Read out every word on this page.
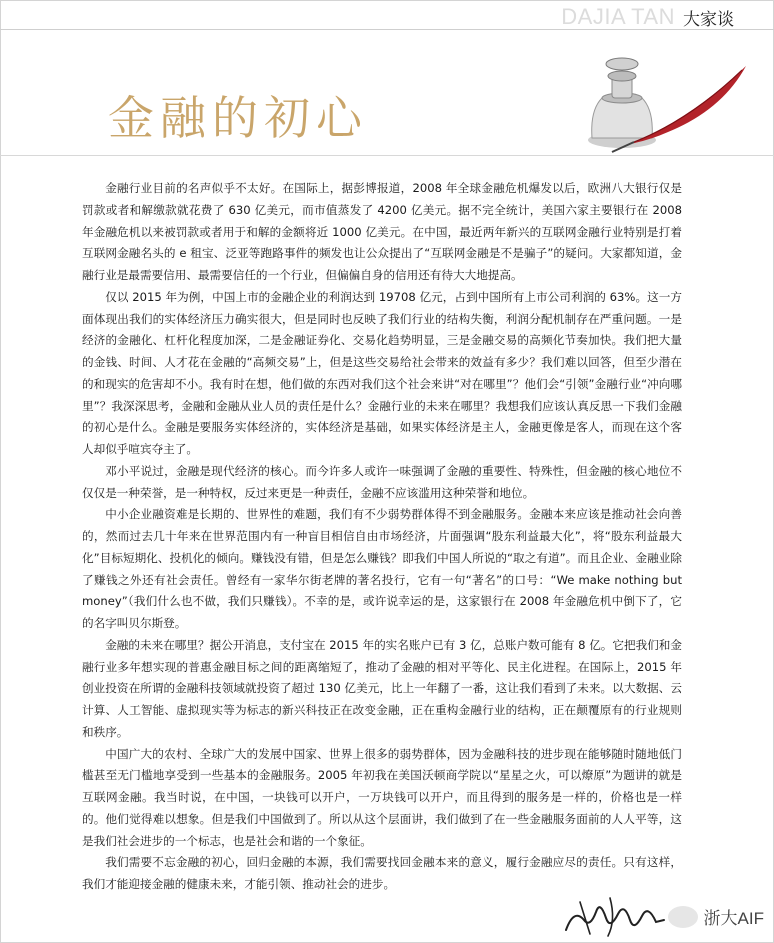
DAJIA TAN 大家谈
金融的初心

金融行业目前的名声似乎不太好。在国际上，据彭博报道，2008 年全球金融危机爆发以后，欧洲八大银行仅是罚款或者和解缴款就花费了 630 亿美元，而市值蒸发了 4200 亿美元。据不完全统计，美国六家主要银行在 2008 年金融危机以来被罚款或者用于和解的金额将近 1000 亿美元。在中国，最近两年新兴的互联网金融行业特别是打着互联网金融名头的 e 租宝、泛亚等跑路事件的频发也让公众提出了“互联网金融是不是骗子”的疑问。大家都知道，金融行业是最需要信用、最需要信任的一个行业，但偏偏自身的信用还有待大大地提高。

仅以 2015 年为例，中国上市的金融企业的利润达到 19708 亿元，占到中国所有上市公司利润的 63%。这一方面体现出我们的实体经济压力确实很大，但是同时也反映了我们行业的结构失衡，利润分配机制存在严重问题。一是经济的金融化、杠杆化程度加深，二是金融证券化、交易化趋势明显，三是金融交易的高频化节奏加快。我们把大量的金钱、时间、人才花在金融的“高频交易”上，但是这些交易给社会带来的效益有多少？我们难以回答，但至少潜在的和现实的危害却不小。我有时在想，他们做的东西对我们这个社会来讲“对在哪里”？他们会“引领”金融行业“冲向哪里”？我深深思考，金融和金融从业人员的责任是什么？金融行业的未来在哪里？我想我们应该认真反思一下我们金融的初心是什么。金融是要服务实体经济的，实体经济是基础，如果实体经济是主人，金融更像是客人，而现在这个客人却似乎喧宾夺主了。

邓小平说过，金融是现代经济的核心。而今许多人或许一味强调了金融的重要性、特殊性，但金融的核心地位不仅仅是一种荣誉，是一种特权，反过来更是一种责任，金融不应该滥用这种荣誉和地位。

中小企业融资难是长期的、世界性的难题，我们有不少弱势群体得不到金融服务。金融本来应该是推动社会向善的，然而过去几十年来在世界范围内有一种盲目相信自由市场经济，片面强调“股东利益最大化”，将“股东利益最大化”目标短期化、投机化的倾向。赚钱没有错，但是怎么赚钱？即我们中国人所说的“取之有道”。而且企业、金融业除了赚钱之外还有社会责任。曾经有一家华尔街老牌的著名投行，它有一句“著名”的口号：“We make nothing but money”（我们什么也不做，我们只赚钱）。不幸的是，或许说幸运的是，这家银行在 2008 年金融危机中倒下了，它的名字叫贝尔斯登。

金融的未来在哪里？据公开消息，支付宝在 2015 年的实名账户已有 3 亿，总账户数可能有 8 亿。它把我们和金融行业多年想实现的普惠金融目标之间的距离缩短了，推动了金融的相对平等化、民主化进程。在国际上，2015 年创业投资在所谓的金融科技领域就投资了超过 130 亿美元，比上一年翻了一番，这让我们看到了未来。以大数据、云计算、人工智能、虚拟现实等为标志的新兴科技正在改变金融，正在重构金融行业的结构，正在颠覆原有的行业规则和秩序。

中国广大的农村、全球广大的发展中国家、世界上很多的弱势群体，因为金融科技的进步现在能够随时随地低门槛甚至无门槛地享受到一些基本的金融服务。2005 年初我在美国沃顿商学院以“星星之火，可以燎原”为题讲的就是互联网金融。我当时说，在中国，一块钱可以开户，一万块钱可以开户，而且得到的服务是一样的，价格也是一样的。他们觉得难以想象。但是我们中国做到了。所以从这个层面讲，我们做到了在一些金融服务面前的人人平等，这是我们社会进步的一个标志，也是社会和谐的一个象征。

我们需要不忘金融的初心，回归金融的本源，我们需要找回金融本来的意义，履行金融应尽的责任。只有这样，我们才能迎接金融的健康未来，才能引领、推动社会的进步。

浙大AIF
